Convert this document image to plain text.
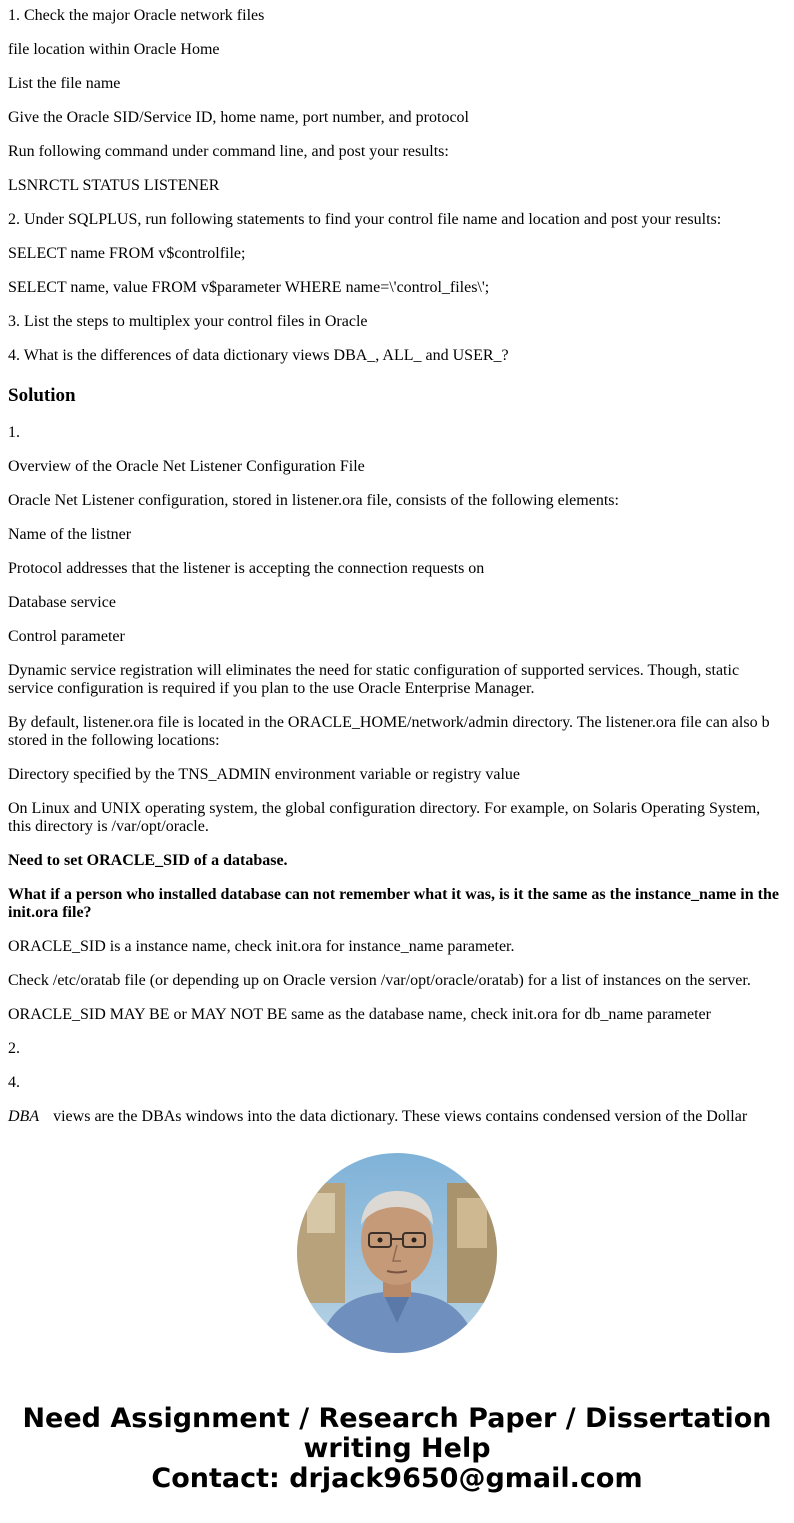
1. Check the major Oracle network files

file location within Oracle Home

List the file name

Give the Oracle SID/Service ID, home name, port number, and protocol

Run following command under command line, and post your results:

LSNRCTL STATUS LISTENER

2. Under SQLPLUS, run following statements to find your control file name and location and post your results:

SELECT name FROM v$controlfile;

SELECT name, value FROM v$parameter WHERE name=\'control_files\';

3. List the steps to multiplex your control files in Oracle

4. What is the differences of data dictionary views DBA_, ALL_ and USER_?

Solution

1.

Overview of the Oracle Net Listener Configuration File

Oracle Net Listener configuration, stored in listener.ora file, consists of the following elements:

Name of the listner

Protocol addresses that the listener is accepting the connection requests on

Database service

Control parameter

Dynamic service registration will eliminates the need for static configuration of supported services. Though, static service configuration is required if you plan to the use Oracle Enterprise Manager.

By default, listener.ora file is located in the ORACLE_HOME/network/admin directory. The listener.ora file can also b stored in the following locations:

Directory specified by the TNS_ADMIN environment variable or registry value

On Linux and UNIX operating system, the global configuration directory. For example, on Solaris Operating System, this directory is /var/opt/oracle.

Need to set ORACLE_SID of a database.

What if a person who installed database can not remember what it was, is it the same as the instance_name in the init.ora file?

ORACLE_SID is a instance name, check init.ora for instance_name parameter.

Check /etc/oratab file (or depending up on Oracle version /var/opt/oracle/oratab) for a list of instances on the server.

ORACLE_SID MAY BE or MAY NOT BE same as the database name, check init.ora for db_name parameter

2.

4.

DBA views are the DBAs windows into the data dictionary. These views contains condensed version of the Dollar

Need Assignment / Research Paper / Dissertation
writing Help
Contact: drjack9650@gmail.com
